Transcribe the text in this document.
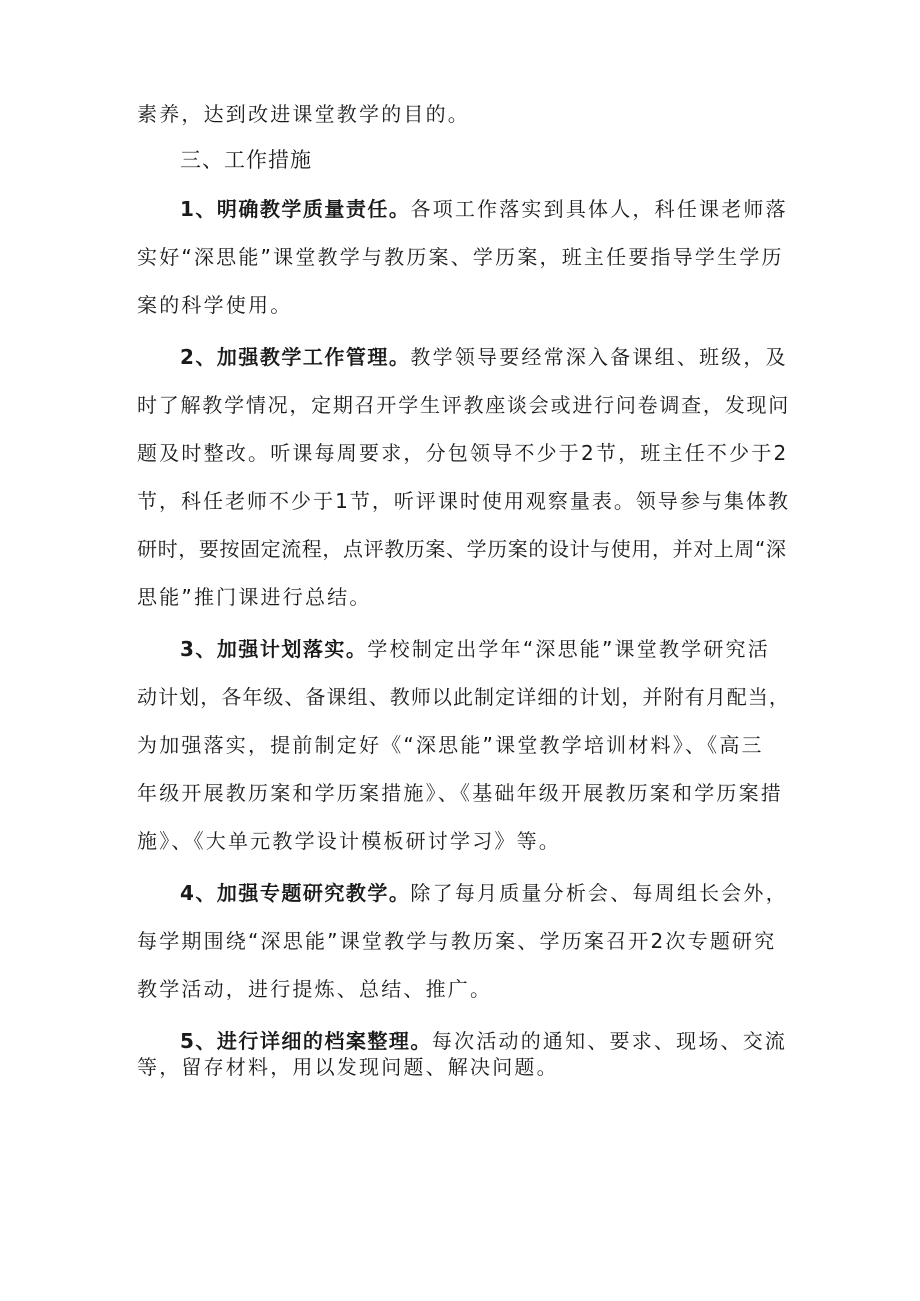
素养，达到改进课堂教学的目的。
三、工作措施
1、明确教学质量责任。各项工作落实到具体人，科任课老师落
实好“深思能”课堂教学与教历案、学历案，班主任要指导学生学历
案的科学使用。
2、加强教学工作管理。教学领导要经常深入备课组、班级，及
时了解教学情况，定期召开学生评教座谈会或进行问卷调查，发现问
题及时整改。听课每周要求，分包领导不少于2节，班主任不少于2
节，科任老师不少于1节，听评课时使用观察量表。领导参与集体教
研时，要按固定流程，点评教历案、学历案的设计与使用，并对上周“深
思能”推门课进行总结。
3、加强计划落实。学校制定出学年“深思能”课堂教学研究活
动计划，各年级、备课组、教师以此制定详细的计划，并附有月配当，
为加强落实，提前制定好《“深思能”课堂教学培训材料》、《高三
年级开展教历案和学历案措施》、《基础年级开展教历案和学历案措
施》、《大单元教学设计模板研讨学习》等。
4、加强专题研究教学。除了每月质量分析会、每周组长会外，
每学期围绕“深思能”课堂教学与教历案、学历案召开2次专题研究
教学活动，进行提炼、总结、推广。
5、进行详细的档案整理。每次活动的通知、要求、现场、交流
等，留存材料，用以发现问题、解决问题。
